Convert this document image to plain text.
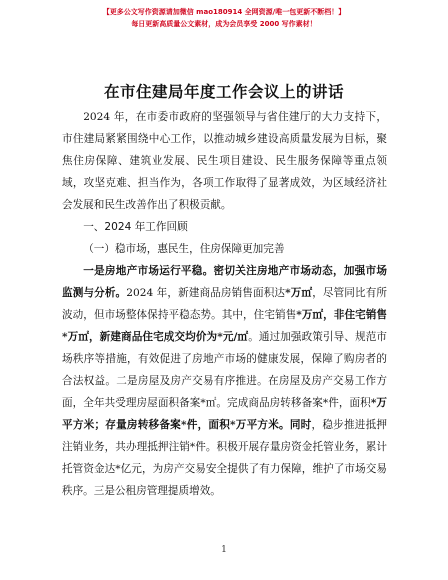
【更多公文写作资源请加微信 mao180914 全网资源/唯一包更新不断档！】
每日更新高质量公文素材，成为会员享受 2000 写作素材！
在市住建局年度工作会议上的讲话

2024 年，在市委市政府的坚强领导与省住建厅的大力支持下，市住建局紧紧围绕中心工作，以推动城乡建设高质量发展为目标，聚焦住房保障、建筑业发展、民生项目建设、民生服务保障等重点领域，攻坚克难、担当作为，各项工作取得了显著成效，为区域经济社会发展和民生改善作出了积极贡献。

一、2024 年工作回顾

（一）稳市场，惠民生，住房保障更加完善

一是房地产市场运行平稳。密切关注房地产市场动态，加强市场监测与分析。2024 年，新建商品房销售面积达*万㎡，尽管同比有所波动，但市场整体保持平稳态势。其中，住宅销售*万㎡，非住宅销售*万㎡，新建商品住宅成交均价为*元/㎡。通过加强政策引导、规范市场秩序等措施，有效促进了房地产市场的健康发展，保障了购房者的合法权益。二是房屋及房产交易有序推进。在房屋及房产交易工作方面，全年共受理房屋面积备案*㎡。完成商品房转移备案*件，面积*万平方米；存量房转移备案*件，面积*万平方米。同时，稳步推进抵押注销业务，共办理抵押注销*件。积极开展存量房资金托管业务，累计托管资金达*亿元，为房产交易安全提供了有力保障，维护了市场交易秩序。三是公租房管理提质增效。

1
